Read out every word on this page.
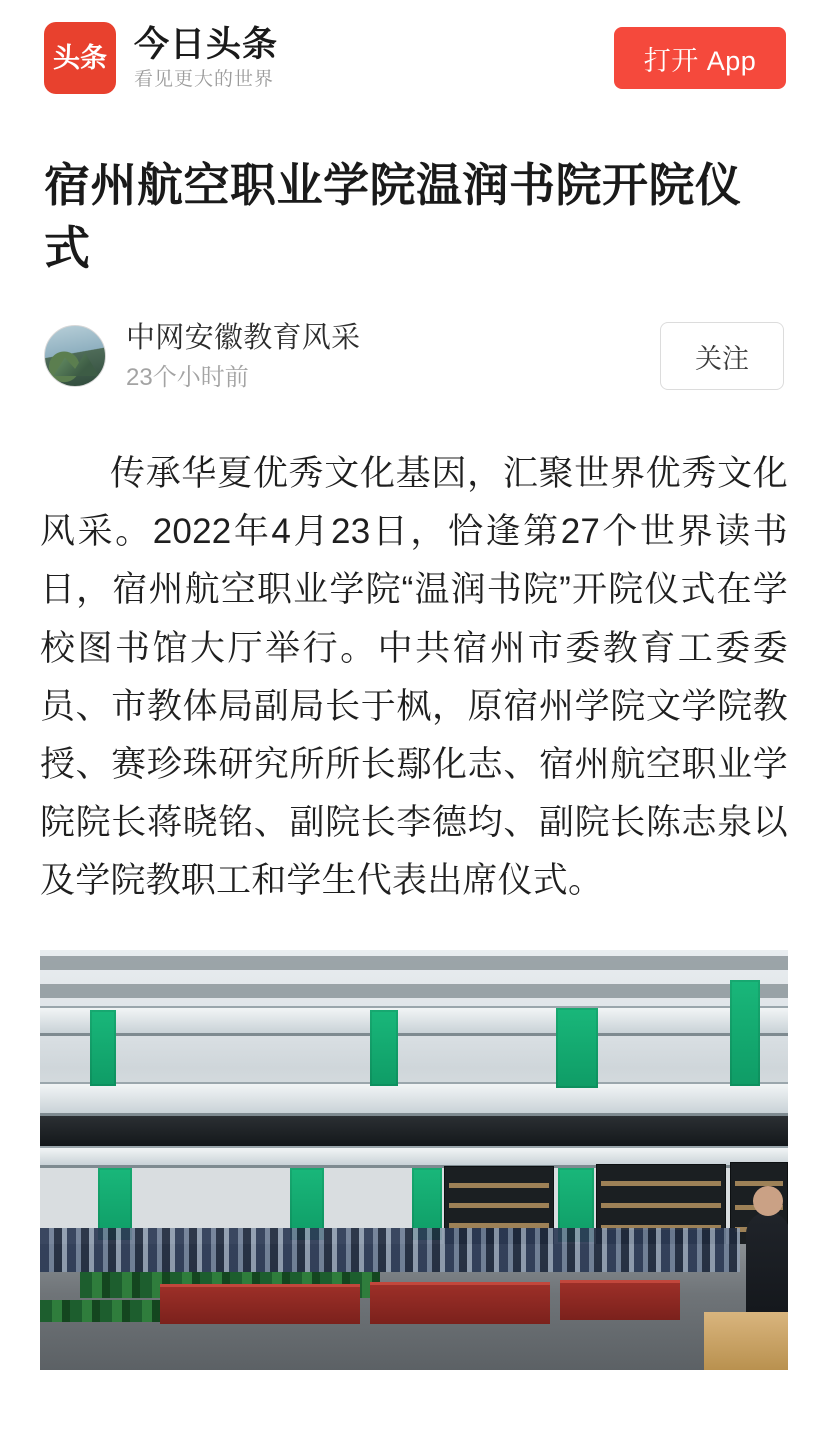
头条 今日头条
看见更大的世界
打开 App
宿州航空职业学院温润书院开院仪式
中网安徽教育风采
23个小时前
关注

传承华夏优秀文化基因，汇聚世界优秀文化风采。2022年4月23日，恰逢第27个世界读书日，宿州航空职业学院“温润书院”开院仪式在学校图书馆大厅举行。中共宿州市委教育工委委员、市教体局副局长于枫，原宿州学院文学院教授、赛珍珠研究所所长鄢化志、宿州航空职业学院院长蒋晓铭、副院长李德均、副院长陈志泉以及学院教职工和学生代表出席仪式。
